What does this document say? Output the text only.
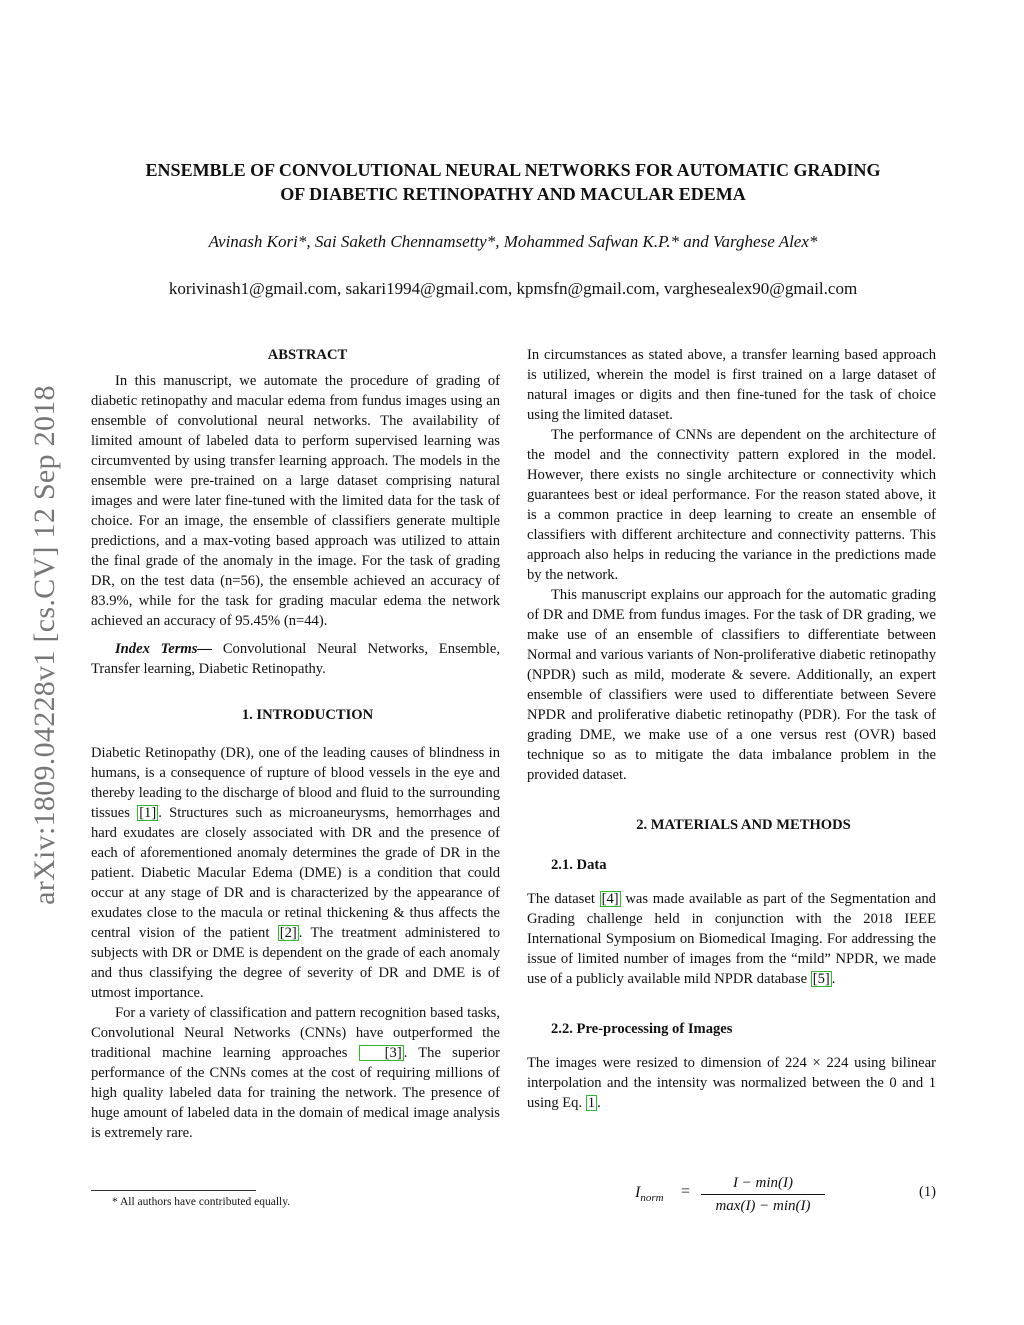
arXiv:1809.04228v1 [cs.CV] 12 Sep 2018
ENSEMBLE OF CONVOLUTIONAL NEURAL NETWORKS FOR AUTOMATIC GRADING
OF DIABETIC RETINOPATHY AND MACULAR EDEMA
Avinash Kori*, Sai Saketh Chennamsetty*, Mohammed Safwan K.P.* and Varghese Alex*
korivinash1@gmail.com, sakari1994@gmail.com, kpmsfn@gmail.com, varghesealex90@gmail.com

ABSTRACT

In this manuscript, we automate the procedure of grading of diabetic retinopathy and macular edema from fundus images using an ensemble of convolutional neural networks. The availability of limited amount of labeled data to perform supervised learning was circumvented by using transfer learning approach. The models in the ensemble were pre-trained on a large dataset comprising natural images and were later fine-tuned with the limited data for the task of choice. For an image, the ensemble of classifiers generate multiple predictions, and a max-voting based approach was utilized to attain the final grade of the anomaly in the image. For the task of grading DR, on the test data (n=56), the ensemble achieved an accuracy of 83.9%, while for the task for grading macular edema the network achieved an accuracy of 95.45% (n=44).

Index Terms— Convolutional Neural Networks, Ensemble, Transfer learning, Diabetic Retinopathy.

1. INTRODUCTION

Diabetic Retinopathy (DR), one of the leading causes of blindness in humans, is a consequence of rupture of blood vessels in the eye and thereby leading to the discharge of blood and fluid to the surrounding tissues [1] . Structures such as microaneurysms, hemorrhages and hard exudates are closely associated with DR and the presence of each of aforementioned anomaly determines the grade of DR in the patient. Diabetic Macular Edema (DME) is a condition that could occur at any stage of DR and is characterized by the appearance of exudates close to the macula or retinal thickening & thus affects the central vision of the patient [2] . The treatment administered to subjects with DR or DME is dependent on the grade of each anomaly and thus classifying the degree of severity of DR and DME is of utmost importance.

For a variety of classification and pattern recognition based tasks, Convolutional Neural Networks (CNNs) have outperformed the traditional machine learning approaches [3] . The superior performance of the CNNs comes at the cost of requiring millions of high quality labeled data for training the network. The presence of huge amount of labeled data in the domain of medical image analysis is extremely rare.

* All authors have contributed equally.

In circumstances as stated above, a transfer learning based approach is utilized, wherein the model is first trained on a large dataset of natural images or digits and then fine-tuned for the task of choice using the limited dataset.

The performance of CNNs are dependent on the architecture of the model and the connectivity pattern explored in the model. However, there exists no single architecture or connectivity which guarantees best or ideal performance. For the reason stated above, it is a common practice in deep learning to create an ensemble of classifiers with different architecture and connectivity patterns. This approach also helps in reducing the variance in the predictions made by the network.

This manuscript explains our approach for the automatic grading of DR and DME from fundus images. For the task of DR grading, we make use of an ensemble of classifiers to differentiate between Normal and various variants of Non-proliferative diabetic retinopathy (NPDR) such as mild, moderate & severe. Additionally, an expert ensemble of classifiers were used to differentiate between Severe NPDR and proliferative diabetic retinopathy (PDR). For the task of grading DME, we make use of a one versus rest (OVR) based technique so as to mitigate the data imbalance problem in the provided dataset.

2. MATERIALS AND METHODS

2.1. Data

The dataset [4] was made available as part of the Segmentation and Grading challenge held in conjunction with the 2018 IEEE International Symposium on Biomedical Imaging. For addressing the issue of limited number of images from the “mild” NPDR, we made use of a publicly available mild NPDR database [5] .

2.2. Pre-processing of Images

The images were resized to dimension of 224 × 224 using bilinear interpolation and the intensity was normalized between the 0 and 1 using Eq. 1 .

$I_{norm}$ =	I − min(I)
max(I) − min(I)
(1)
